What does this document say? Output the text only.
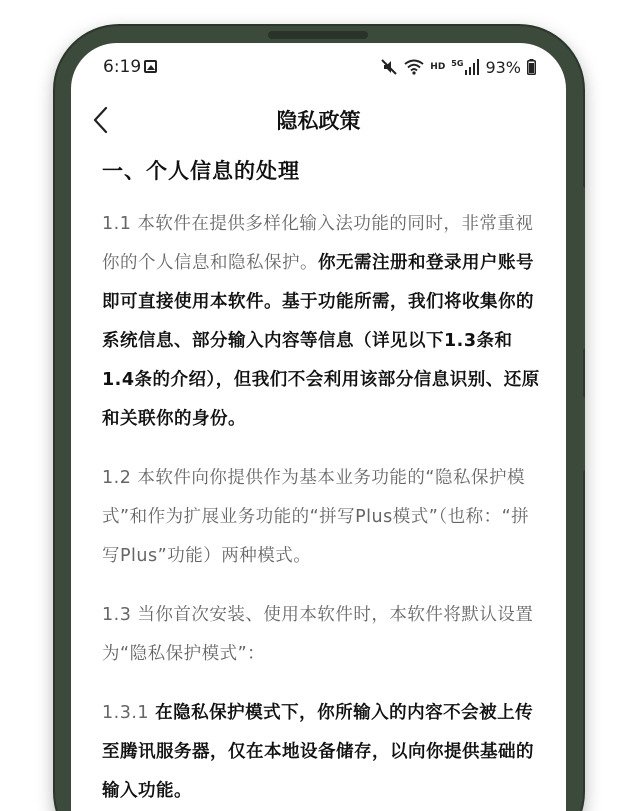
6:19	HD 5G 93%
隐私政策
一、个人信息的处理

1.1 本软件在提供多样化输入法功能的同时，非常重视你的个人信息和隐私保护。你无需注册和登录用户账号即可直接使用本软件。基于功能所需，我们将收集你的系统信息、部分输入内容等信息（详见以下1.3条和1.4条的介绍），但我们不会利用该部分信息识别、还原和关联你的身份。

1.2 本软件向你提供作为基本业务功能的“隐私保护模式”和作为扩展业务功能的“拼写Plus模式”（也称：“拼写Plus”功能）两种模式。

1.3 当你首次安装、使用本软件时，本软件将默认设置为“隐私保护模式”：

1.3.1 在隐私保护模式下，你所输入的内容不会被上传至腾讯服务器，仅在本地设备储存，以向你提供基础的输入功能。
